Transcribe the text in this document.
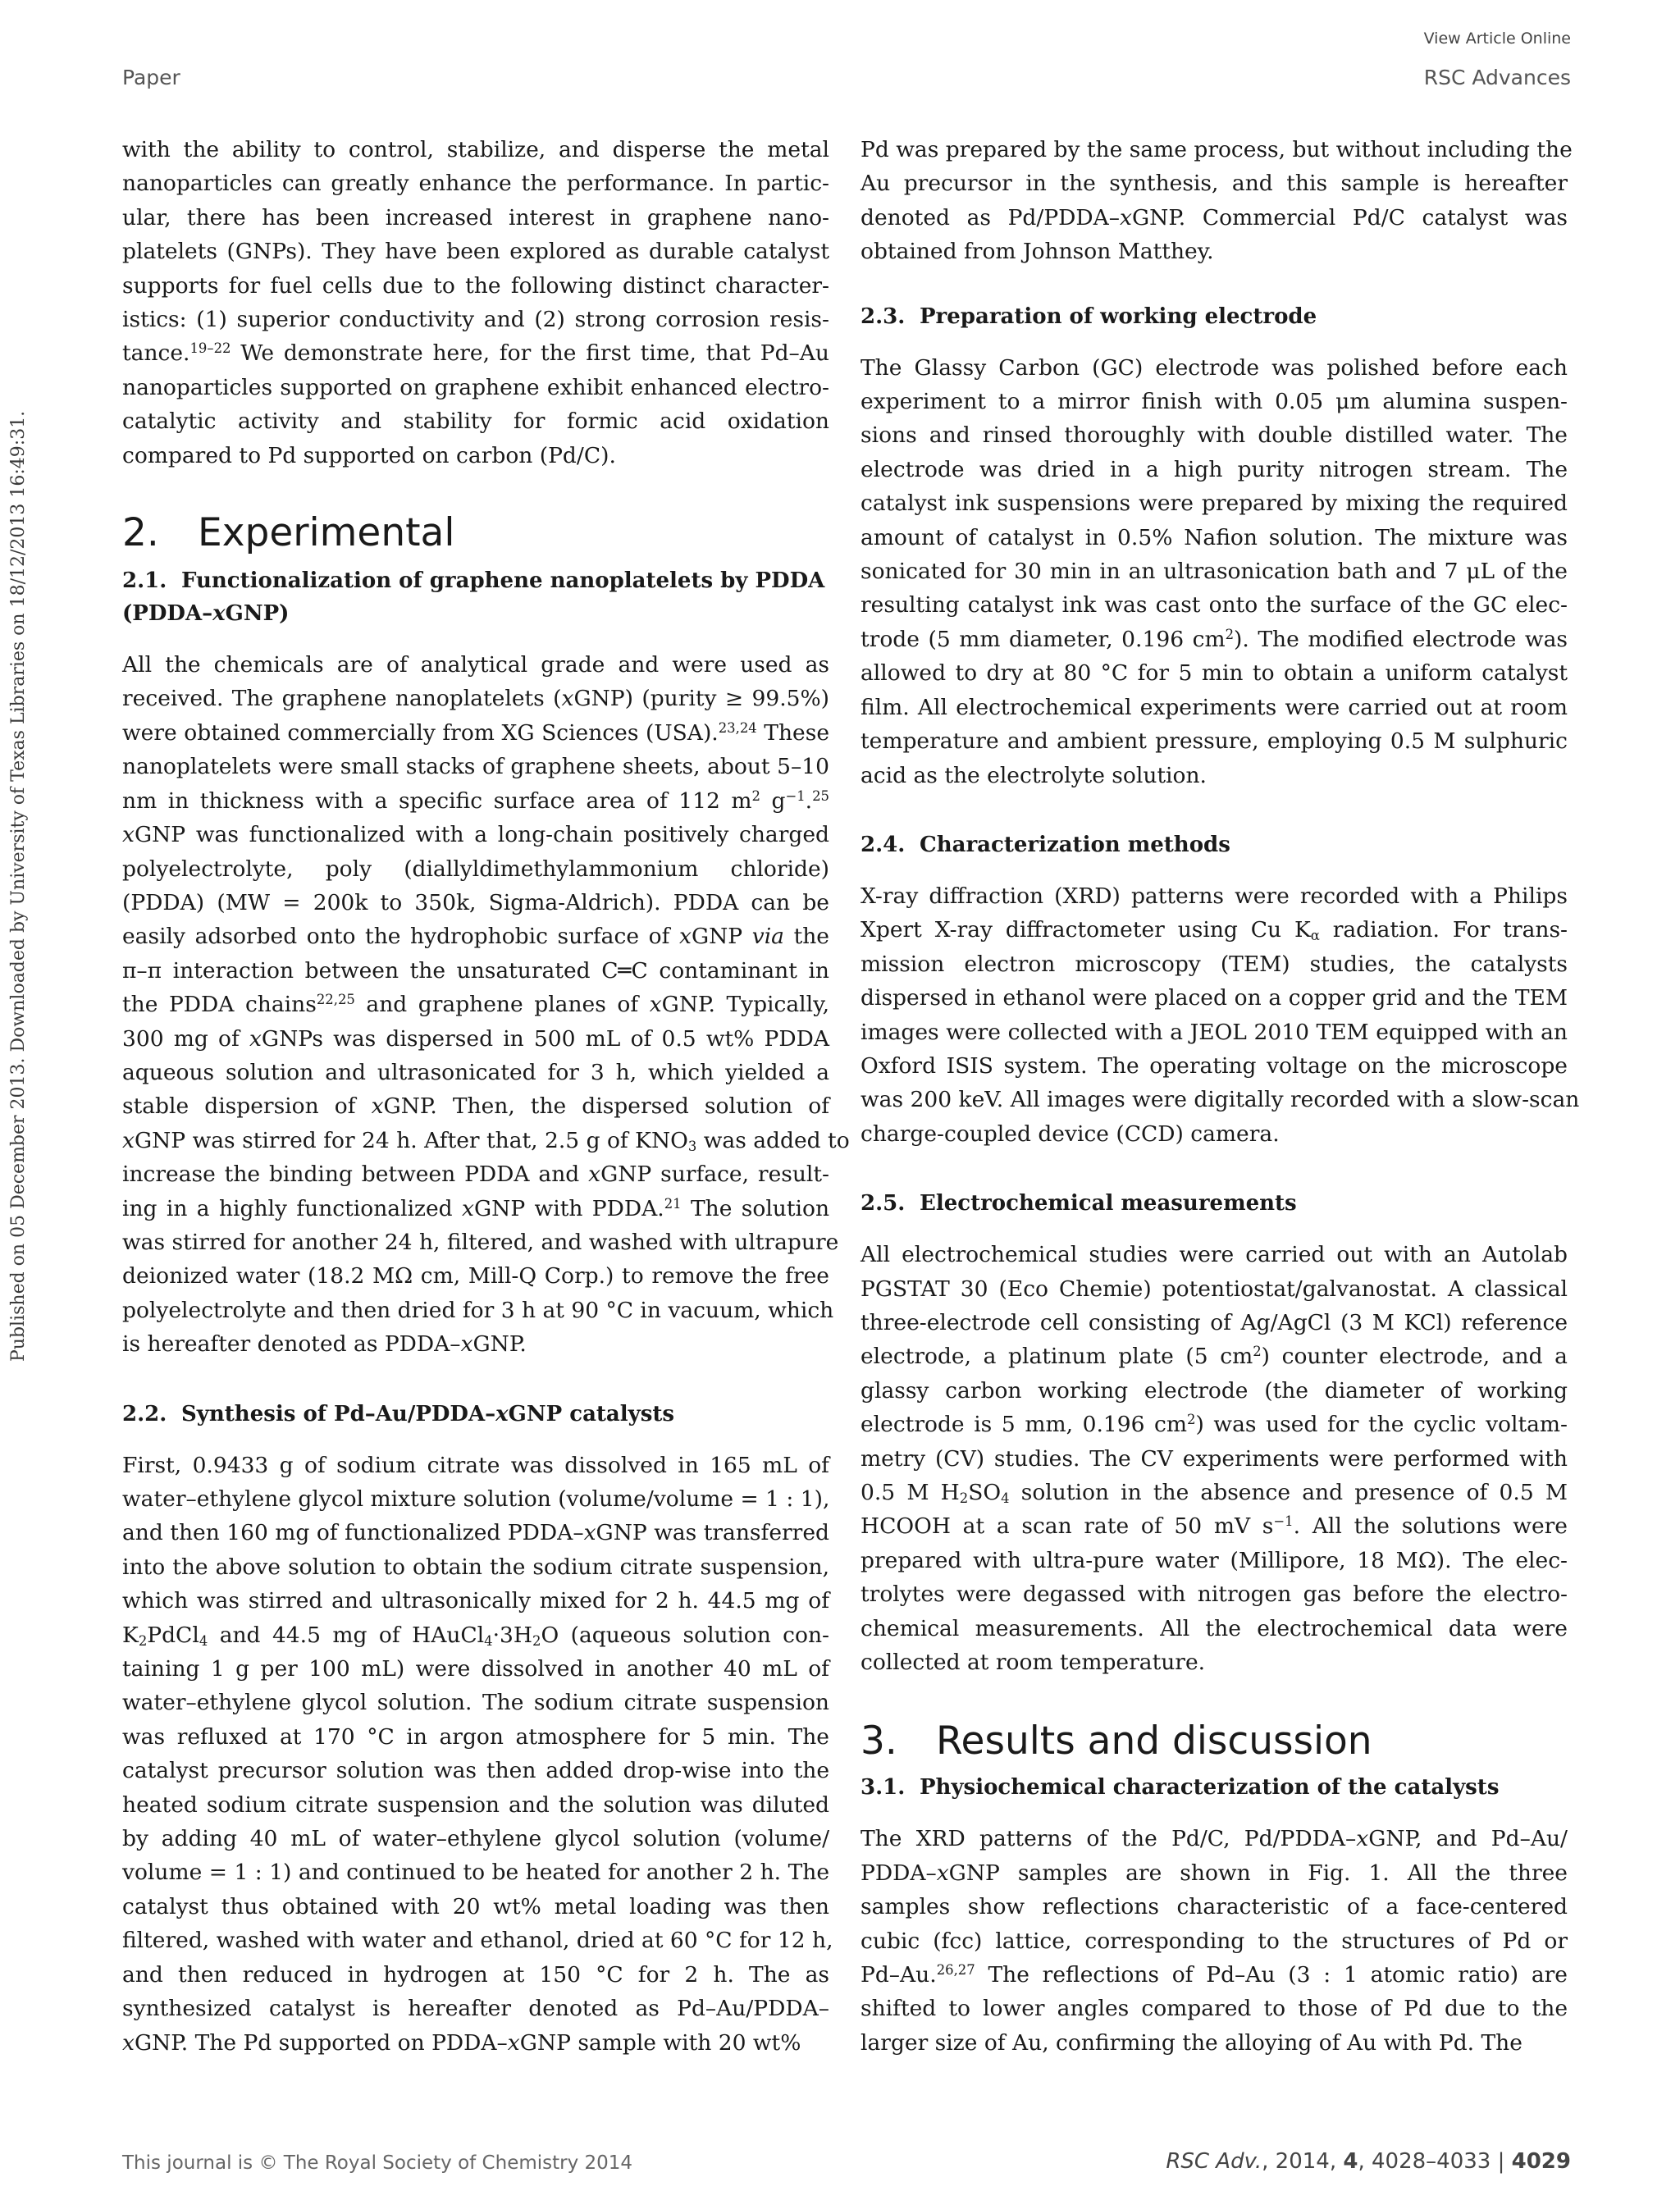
Paper
View Article Online
RSC Advances
Published on 05 December 2013. Downloaded by University of Texas Libraries on 18/12/2013 16:49:31.
with the ability to control, stabilize, and disperse the metal
nanoparticles can greatly enhance the performance. In partic-
ular, there has been increased interest in graphene nano-
platelets (GNPs). They have been explored as durable catalyst
supports for fuel cells due to the following distinct character-
istics: (1) superior conductivity and (2) strong corrosion resis-
tance.$^{19-22}$ We demonstrate here, for the first time, that Pd–Au
nanoparticles supported on graphene exhibit enhanced electro-
catalytic activity and stability for formic acid oxidation
compared to Pd supported on carbon (Pd/C).
2. Experimental
2.1. Functionalization of graphene nanoplatelets by PDDA
(PDDA–xGNP)
All the chemicals are of analytical grade and were used as
received. The graphene nanoplatelets (xGNP) (purity ≥ 99.5%)
were obtained commercially from XG Sciences (USA).$^{23,24}$ These
nanoplatelets were small stacks of graphene sheets, about 5–10
nm in thickness with a specific surface area of 112 $m^2$ $g^{-1}.^{25}$
xGNP was functionalized with a long-chain positively charged
polyelectrolyte, poly (diallyldimethylammonium chloride)
(PDDA) (MW = 200k to 350k, Sigma-Aldrich). PDDA can be
easily adsorbed onto the hydrophobic surface of xGNP via the
π–π interaction between the unsaturated C═C contaminant in
the PDDA chains$^{22,25}$ and graphene planes of xGNP. Typically,
300 mg of xGNPs was dispersed in 500 mL of 0.5 wt% PDDA
aqueous solution and ultrasonicated for 3 h, which yielded a
stable dispersion of xGNP. Then, the dispersed solution of
xGNP was stirred for 24 h. After that, 2.5 g of $KNO_3$ was added to
increase the binding between PDDA and xGNP surface, result-
ing in a highly functionalized xGNP with PDDA.$^{21}$ The solution
was stirred for another 24 h, filtered, and washed with ultrapure
deionized water (18.2 MΩ cm, Mill-Q Corp.) to remove the free
polyelectrolyte and then dried for 3 h at 90 °C in vacuum, which
is hereafter denoted as PDDA–xGNP.
2.2. Synthesis of Pd–Au/PDDA–xGNP catalysts
First, 0.9433 g of sodium citrate was dissolved in 165 mL of
water–ethylene glycol mixture solution (volume/volume = 1 : 1),
and then 160 mg of functionalized PDDA–xGNP was transferred
into the above solution to obtain the sodium citrate suspension,
which was stirred and ultrasonically mixed for 2 h. 44.5 mg of
$K_2PdCl_4$ and 44.5 mg of $HAuCl_4\cdot 3H_2O$ (aqueous solution con-
taining 1 g per 100 mL) were dissolved in another 40 mL of
water–ethylene glycol solution. The sodium citrate suspension
was refluxed at 170 °C in argon atmosphere for 5 min. The
catalyst precursor solution was then added drop-wise into the
heated sodium citrate suspension and the solution was diluted
by adding 40 mL of water–ethylene glycol solution (volume/
volume = 1 : 1) and continued to be heated for another 2 h. The
catalyst thus obtained with 20 wt% metal loading was then
filtered, washed with water and ethanol, dried at 60 °C for 12 h,
and then reduced in hydrogen at 150 °C for 2 h. The as
synthesized catalyst is hereafter denoted as Pd–Au/PDDA–
xGNP. The Pd supported on PDDA–xGNP sample with 20 wt%
Pd was prepared by the same process, but without including the
Au precursor in the synthesis, and this sample is hereafter
denoted as Pd/PDDA–xGNP. Commercial Pd/C catalyst was
obtained from Johnson Matthey.
2.3. Preparation of working electrode
The Glassy Carbon (GC) electrode was polished before each
experiment to a mirror finish with 0.05 μm alumina suspen-
sions and rinsed thoroughly with double distilled water. The
electrode was dried in a high purity nitrogen stream. The
catalyst ink suspensions were prepared by mixing the required
amount of catalyst in 0.5% Nafion solution. The mixture was
sonicated for 30 min in an ultrasonication bath and 7 μL of the
resulting catalyst ink was cast onto the surface of the GC elec-
trode (5 mm diameter, 0.196 $cm^2$). The modified electrode was
allowed to dry at 80 °C for 5 min to obtain a uniform catalyst
film. All electrochemical experiments were carried out at room
temperature and ambient pressure, employing 0.5 M sulphuric
acid as the electrolyte solution.
2.4. Characterization methods
X-ray diffraction (XRD) patterns were recorded with a Philips
Xpert X-ray diffractometer using Cu $K_\alpha$ radiation. For trans-
mission electron microscopy (TEM) studies, the catalysts
dispersed in ethanol were placed on a copper grid and the TEM
images were collected with a JEOL 2010 TEM equipped with an
Oxford ISIS system. The operating voltage on the microscope
was 200 keV. All images were digitally recorded with a slow-scan
charge-coupled device (CCD) camera.
2.5. Electrochemical measurements
All electrochemical studies were carried out with an Autolab
PGSTAT 30 (Eco Chemie) potentiostat/galvanostat. A classical
three-electrode cell consisting of Ag/AgCl (3 M KCl) reference
electrode, a platinum plate (5 $cm^2$) counter electrode, and a
glassy carbon working electrode (the diameter of working
electrode is 5 mm, 0.196 $cm^2$) was used for the cyclic voltam-
metry (CV) studies. The CV experiments were performed with
0.5 M $H_2SO_4$ solution in the absence and presence of 0.5 M
HCOOH at a scan rate of 50 mV $s^{-1}$. All the solutions were
prepared with ultra-pure water (Millipore, 18 MΩ). The elec-
trolytes were degassed with nitrogen gas before the electro-
chemical measurements. All the electrochemical data were
collected at room temperature.
3. Results and discussion
3.1. Physiochemical characterization of the catalysts
The XRD patterns of the Pd/C, Pd/PDDA–xGNP, and Pd–Au/
PDDA–xGNP samples are shown in Fig. 1. All the three
samples show reflections characteristic of a face-centered
cubic (fcc) lattice, corresponding to the structures of Pd or
Pd–Au.$^{26,27}$ The reflections of Pd–Au (3 : 1 atomic ratio) are
shifted to lower angles compared to those of Pd due to the
larger size of Au, confirming the alloying of Au with Pd. The
This journal is © The Royal Society of Chemistry 2014	RSC Adv., 2014, 4, 4028–4033 | 4029
